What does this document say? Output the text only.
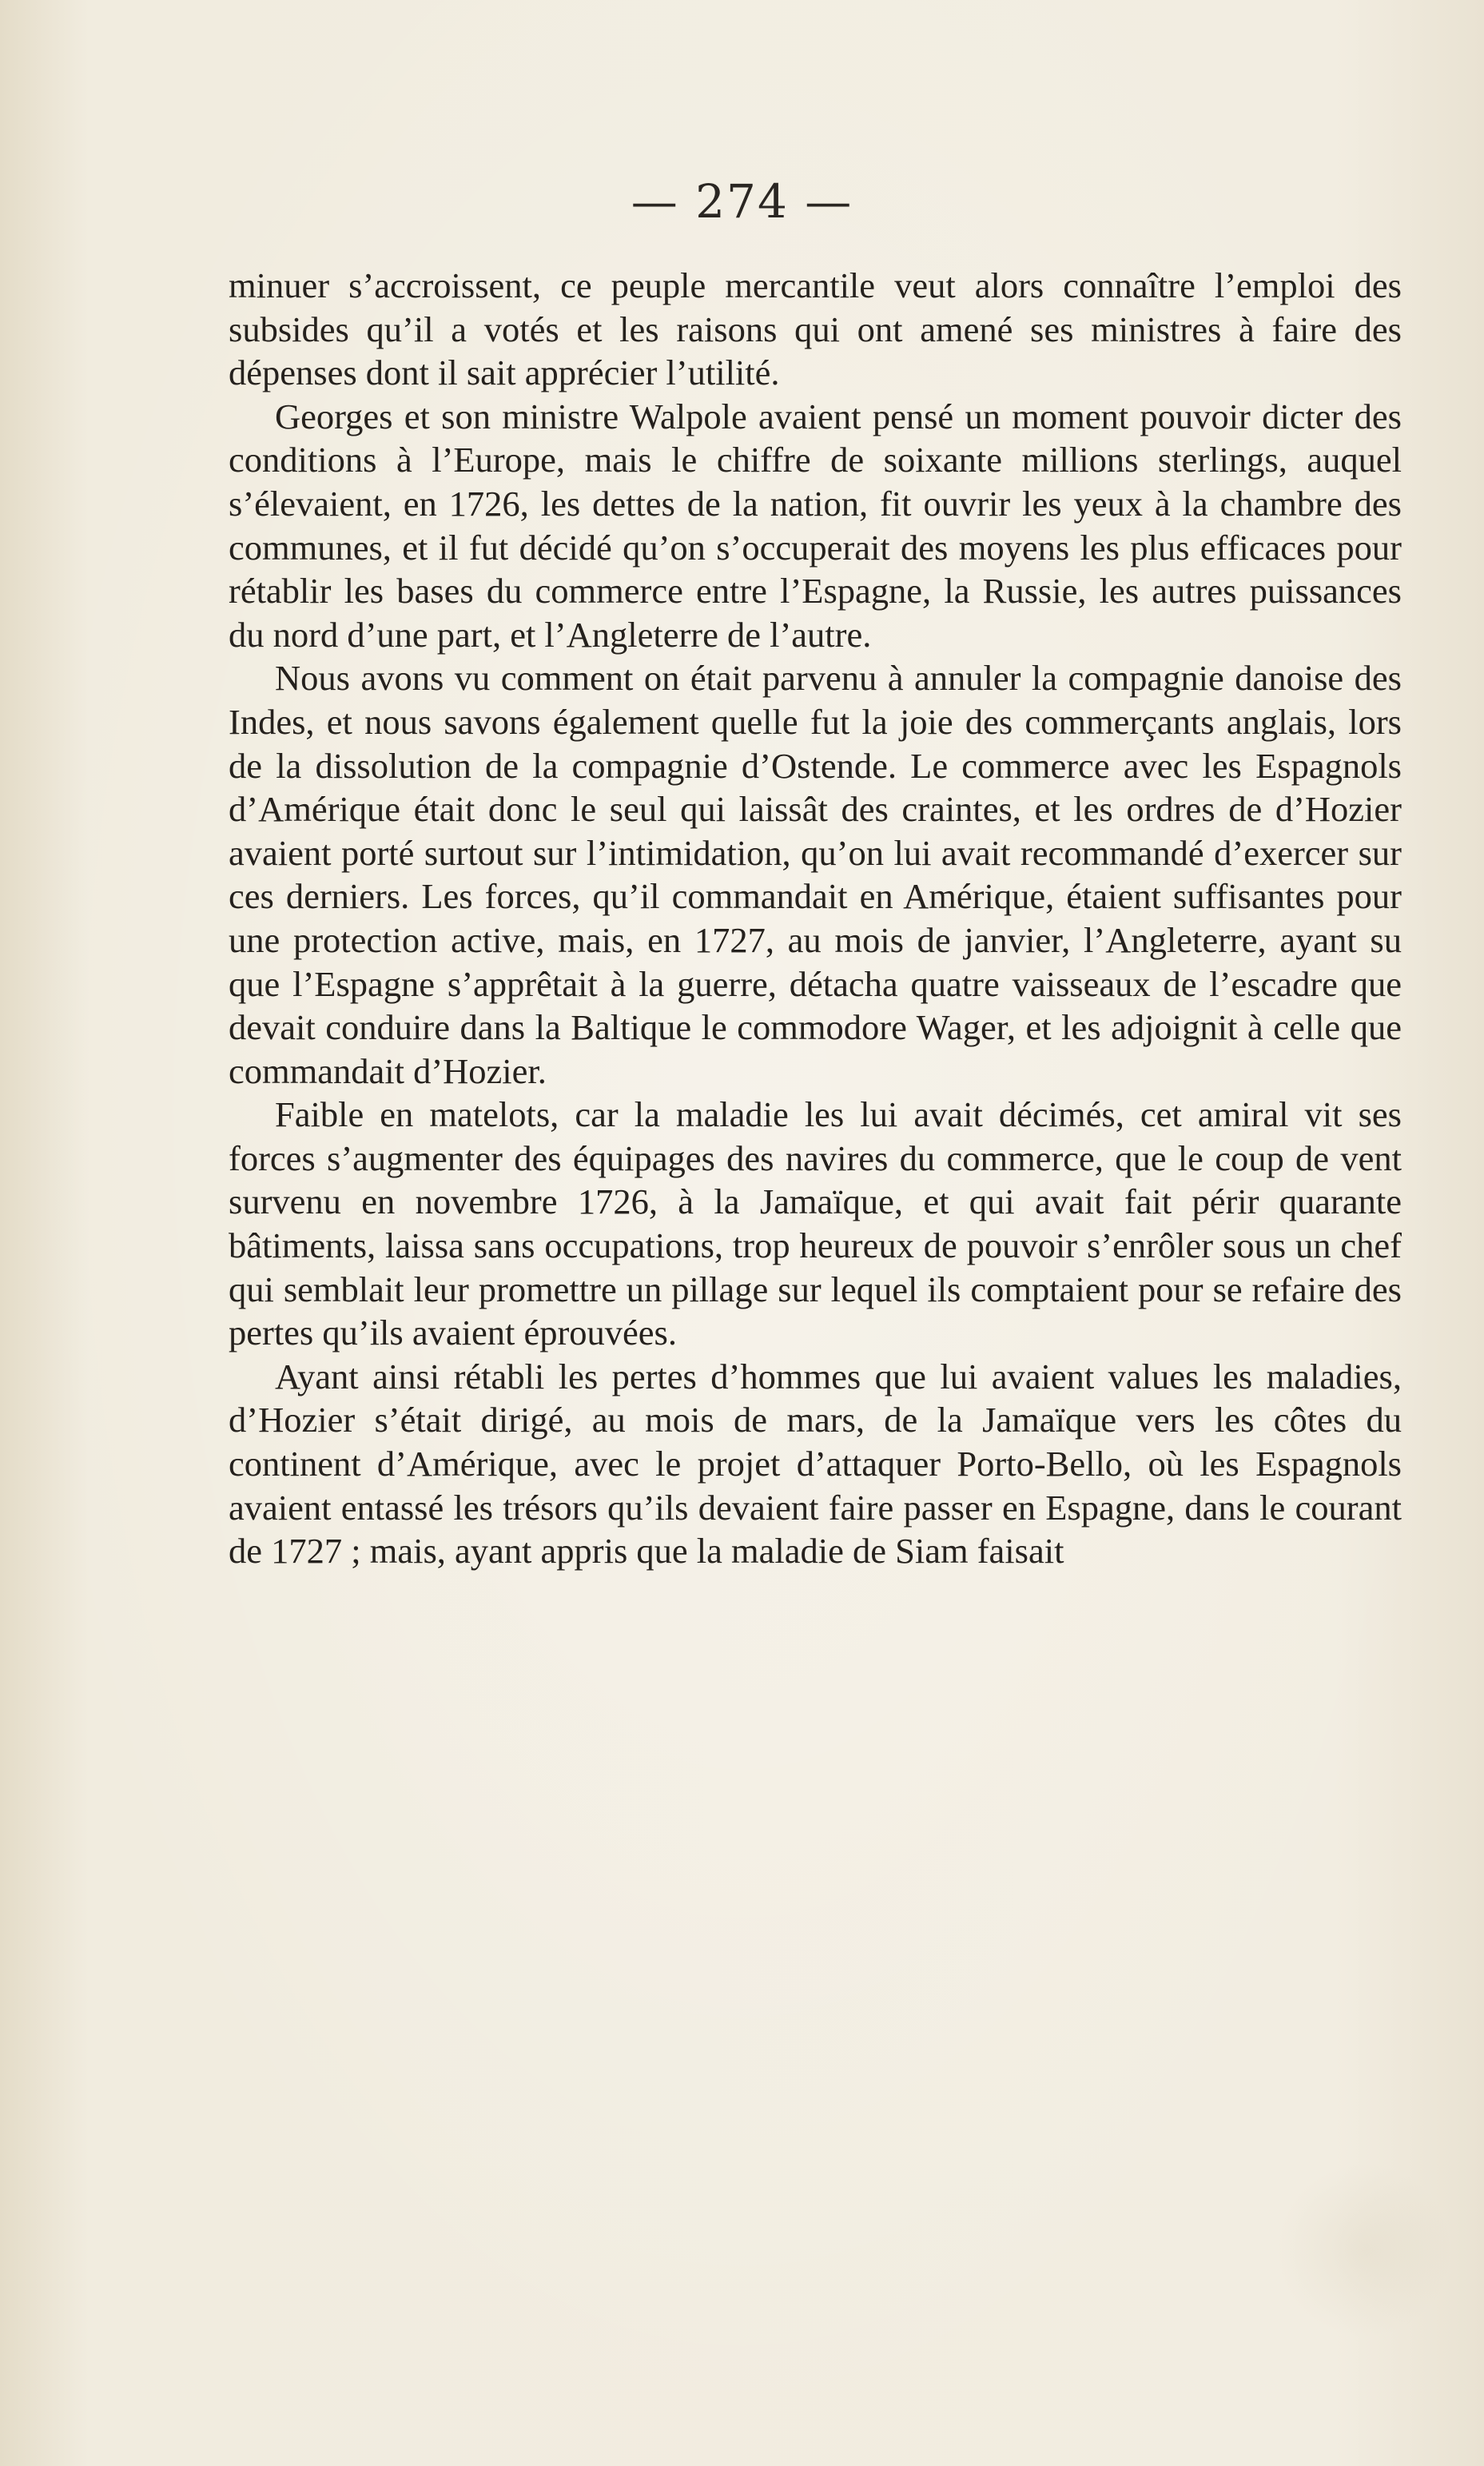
— 274 —

minuer s’accroissent, ce peuple mercantile veut alors connaître l’emploi des subsides qu’il a votés et les raisons qui ont amené ses ministres à faire des dépenses dont il sait apprécier l’utilité.

Georges et son ministre Walpole avaient pensé un moment pouvoir dicter des conditions à l’Europe, mais le chiffre de soixante millions sterlings, auquel s’élevaient, en 1726, les dettes de la nation, fit ouvrir les yeux à la chambre des communes, et il fut décidé qu’on s’occuperait des moyens les plus efficaces pour rétablir les bases du commerce entre l’Espagne, la Russie, les autres puissances du nord d’une part, et l’Angleterre de l’autre.

Nous avons vu comment on était parvenu à annuler la compagnie danoise des Indes, et nous savons également quelle fut la joie des commerçants anglais, lors de la dissolution de la compagnie d’Ostende. Le commerce avec les Espagnols d’Amérique était donc le seul qui laissât des craintes, et les ordres de d’Hozier avaient porté surtout sur l’intimidation, qu’on lui avait recommandé d’exercer sur ces derniers. Les forces, qu’il commandait en Amérique, étaient suffisantes pour une protection active, mais, en 1727, au mois de janvier, l’Angleterre, ayant su que l’Espagne s’apprêtait à la guerre, détacha quatre vaisseaux de l’escadre que devait conduire dans la Baltique le commodore Wager, et les adjoignit à celle que commandait d’Hozier.

Faible en matelots, car la maladie les lui avait décimés, cet amiral vit ses forces s’augmenter des équipages des navires du commerce, que le coup de vent survenu en novembre 1726, à la Jamaïque, et qui avait fait périr quarante bâtiments, laissa sans occupations, trop heureux de pouvoir s’enrôler sous un chef qui semblait leur promettre un pillage sur lequel ils comptaient pour se refaire des pertes qu’ils avaient éprouvées.

Ayant ainsi rétabli les pertes d’hommes que lui avaient values les maladies, d’Hozier s’était dirigé, au mois de mars, de la Jamaïque vers les côtes du continent d’Amérique, avec le projet d’attaquer Porto-Bello, où les Espagnols avaient entassé les trésors qu’ils devaient faire passer en Espagne, dans le courant de 1727 ; mais, ayant appris que la maladie de Siam faisait
